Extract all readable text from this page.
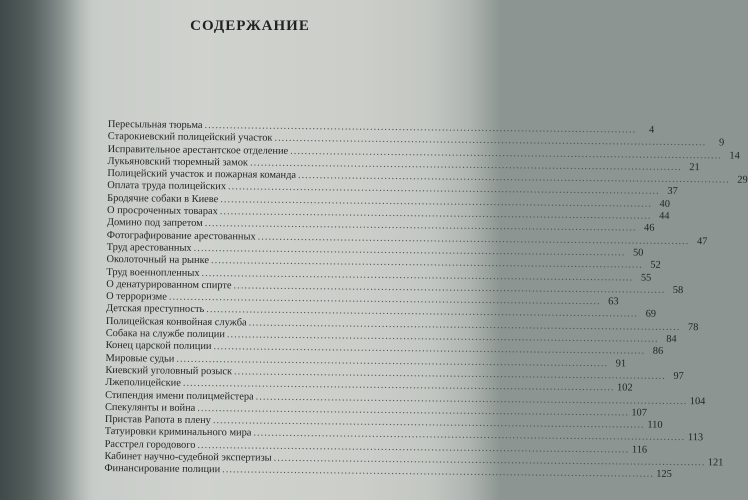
СОДЕРЖАНИЕ
Пересыльная тюрьма ........................................................................................................................	4
Старокиевский полицейский участок ........................................................................................................................	9
Исправительное арестантское отделение ........................................................................................................................ 14
Лукьяновский тюремный замок ........................................................................................................................ 21
Полицейский участок и пожарная команда ........................................................................................................................ 29
Оплата труда полицейских ........................................................................................................................ 37
Бродячие собаки в Киеве ........................................................................................................................ 40
О просроченных товарах ........................................................................................................................ 44
Домино под запретом ........................................................................................................................ 46
Фотографирование арестованных ........................................................................................................................ 47
Труд арестованных ........................................................................................................................ 50
Околоточный на рынке ........................................................................................................................ 52
Труд военнопленных ........................................................................................................................ 55
О денатурированном спирте ........................................................................................................................ 58
О терроризме ........................................................................................................................ 63
Детская преступность ........................................................................................................................ 69
Полицейская конвойная служба ........................................................................................................................ 78
Собака на службе полиции ........................................................................................................................ 84
Конец царской полиции ........................................................................................................................ 86
Мировые судьи ........................................................................................................................ 91
Киевский уголовный розыск ........................................................................................................................ 97
Лжеполицейские ........................................................................................................................ 102
Стипендия имени полицмейстера ........................................................................................................................ 104
Спекулянты и война ........................................................................................................................ 107
Пристав Рапота в плену ........................................................................................................................ 110
Татуировки криминального мира ........................................................................................................................ 113
Расстрел городового ........................................................................................................................ 116
Кабинет научно-судебной экспертизы ........................................................................................................................ 121
Финансирование полиции ........................................................................................................................ 125
